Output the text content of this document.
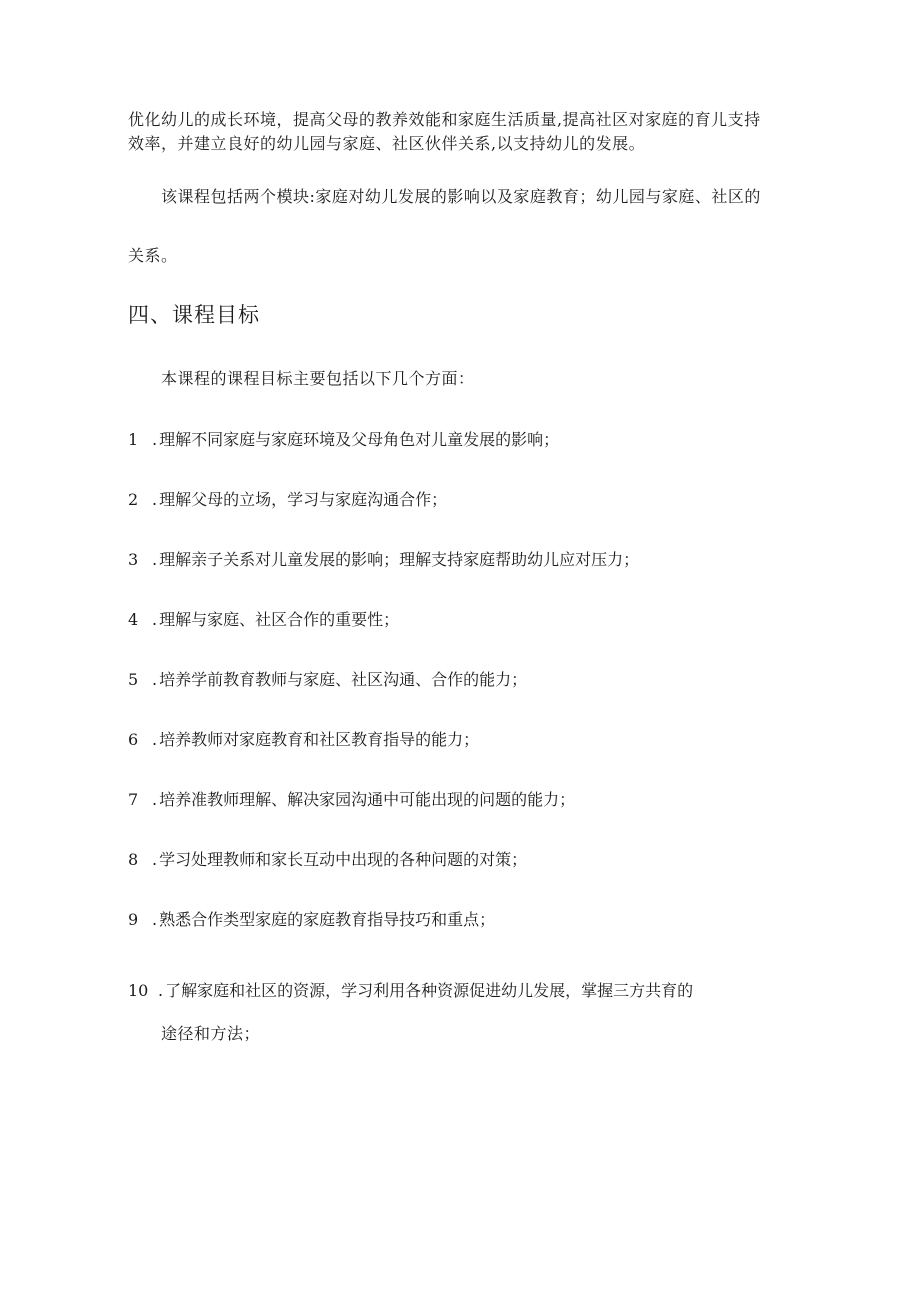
优化幼儿的成长环境，提高父母的教养效能和家庭生活质量,提高社区对家庭的育儿支持
效率，并建立良好的幼儿园与家庭、社区伙伴关系,以支持幼儿的发展。
该课程包括两个模块:家庭对幼儿发展的影响以及家庭教育；幼儿园与家庭、社区的
关系。
四、课程目标
本课程的课程目标主要包括以下几个方面：
1 . 理解不同家庭与家庭环境及父母角色对儿童发展的影响；
2 . 理解父母的立场，学习与家庭沟通合作；
3 . 理解亲子关系对儿童发展的影响；理解支持家庭帮助幼儿应对压力；
4 . 理解与家庭、社区合作的重要性；
5 . 培养学前教育教师与家庭、社区沟通、合作的能力；
6 . 培养教师对家庭教育和社区教育指导的能力；
7 . 培养准教师理解、解决家园沟通中可能出现的问题的能力；
8 . 学习处理教师和家长互动中出现的各种问题的对策；
9 . 熟悉合作类型家庭的家庭教育指导技巧和重点；
10 . 了解家庭和社区的资源，学习利用各种资源促进幼儿发展，掌握三方共育的
途径和方法；
